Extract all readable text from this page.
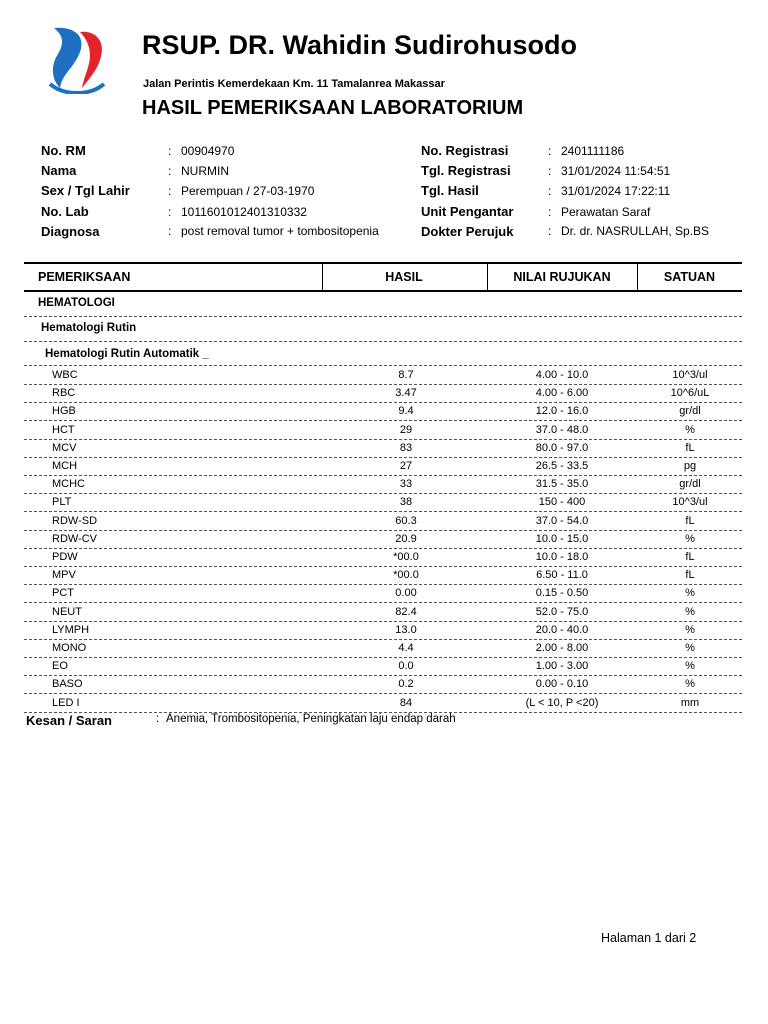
RSUP. DR. Wahidin Sudirohusodo
Jalan Perintis Kemerdekaan Km. 11 Tamalanrea Makassar
HASIL PEMERIKSAAN LABORATORIUM
No. RM	: 00904970
Nama	: NURMIN
Sex / Tgl Lahir	: Perempuan / 27-03-1970
No. Lab	: 1011601012401310332
Diagnosa	: post removal tumor + tombositopenia
No. Registrasi	: 2401111186
Tgl. Registrasi	: 31/01/2024 11:54:51
Tgl. Hasil	: 31/01/2024 17:22:11
Unit Pengantar	: Perawatan Saraf
Dokter Perujuk	: Dr. dr. NASRULLAH, Sp.BS
PEMERIKSAAN	HASIL	NILAI RUJUKAN	SATUAN
HEMATOLOGI
Hematologi Rutin
Hematologi Rutin Automatik _
WBC	8.7	4.00 - 10.0	10^3/ul
RBC	3.47	4.00 - 6.00	10^6/uL
HGB	9.4	12.0 - 16.0	gr/dl
HCT	29	37.0 - 48.0	%
MCV	83	80.0 - 97.0	fL
MCH	27	26.5 - 33.5	pg
MCHC	33	31.5 - 35.0	gr/dl
PLT	38	150 - 400	10^3/ul
RDW-SD	60.3	37.0 - 54.0	fL
RDW-CV	20.9	10.0 - 15.0	%
PDW	*00.0	10.0 - 18.0	fL
MPV	*00.0	6.50 - 11.0	fL
PCT	0.00	0.15 - 0.50	%
NEUT	82.4	52.0 - 75.0	%
LYMPH	13.0	20.0 - 40.0	%
MONO	4.4	2.00 - 8.00	%
EO	0.0	1.00 - 3.00	%
BASO	0.2	0.00 - 0.10	%
LED I	84	(L < 10, P <20)	mm
Kesan / Saran	: Anemia, Trombositopenia, Peningkatan laju endap darah
Halaman 1 dari 2
